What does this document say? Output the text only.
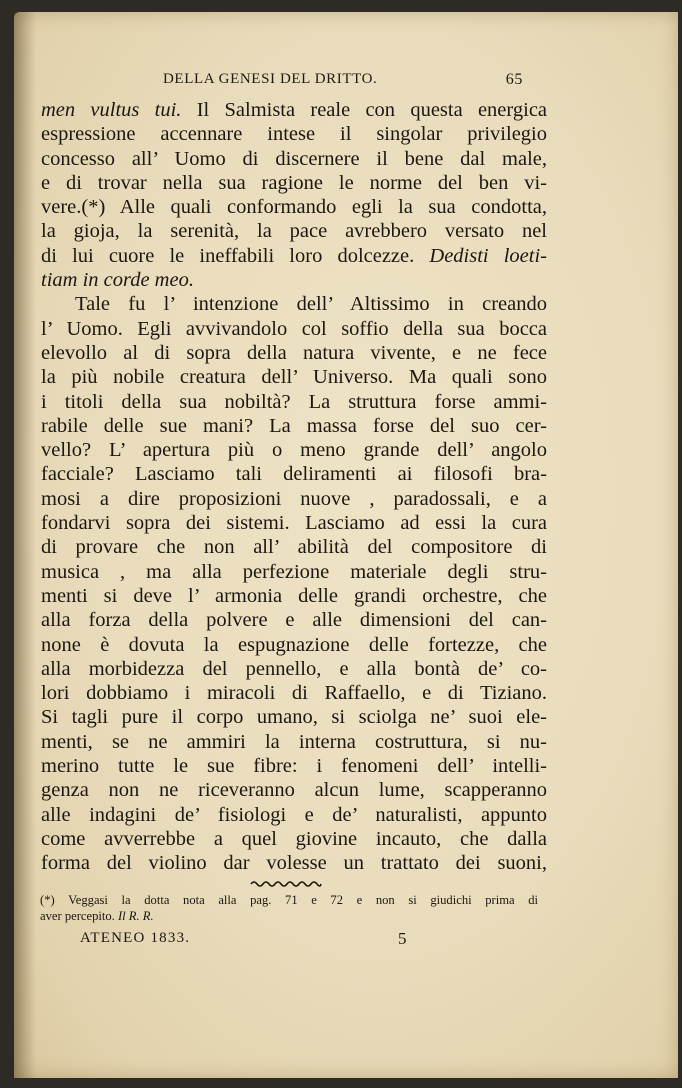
DELLA GENESI DEL DRITTO.	65
men vultus tui. Il Salmista reale con questa energica
espressione accennare intese il singolar privilegio
concesso all’ Uomo di discernere il bene dal male,
e di trovar nella sua ragione le norme del ben vi-
vere.(*) Alle quali conformando egli la sua condotta,
la gioja, la serenità, la pace avrebbero versato nel
di lui cuore le ineffabili loro dolcezze. Dedisti loeti-
tiam in corde meo.
Tale fu l’ intenzione dell’ Altissimo in creando
l’ Uomo. Egli avvivandolo col soffio della sua bocca
elevollo al di sopra della natura vivente, e ne fece
la più nobile creatura dell’ Universo. Ma quali sono
i titoli della sua nobiltà? La struttura forse ammi-
rabile delle sue mani? La massa forse del suo cer-
vello? L’ apertura più o meno grande dell’ angolo
facciale? Lasciamo tali deliramenti ai filosofi bra-
mosi a dire proposizioni nuove , paradossali, e a
fondarvi sopra dei sistemi. Lasciamo ad essi la cura
di provare che non all’ abilità del compositore di
musica , ma alla perfezione materiale degli stru-
menti si deve l’ armonia delle grandi orchestre, che
alla forza della polvere e alle dimensioni del can-
none è dovuta la espugnazione delle fortezze, che
alla morbidezza del pennello, e alla bontà de’ co-
lori dobbiamo i miracoli di Raffaello, e di Tiziano.
Si tagli pure il corpo umano, si sciolga ne’ suoi ele-
menti, se ne ammiri la interna costruttura, si nu-
merino tutte le sue fibre: i fenomeni dell’ intelli-
genza non ne riceveranno alcun lume, scapperanno
alle indagini de’ fisiologi e de’ naturalisti, appunto
come avverrebbe a quel giovine incauto, che dalla
forma del violino dar volesse un trattato dei suoni,
(*) Veggasi la dotta nota alla pag. 71 e 72 e non si giudichi prima di
aver percepito. Il R. R.
ATENEO 1833.	5
